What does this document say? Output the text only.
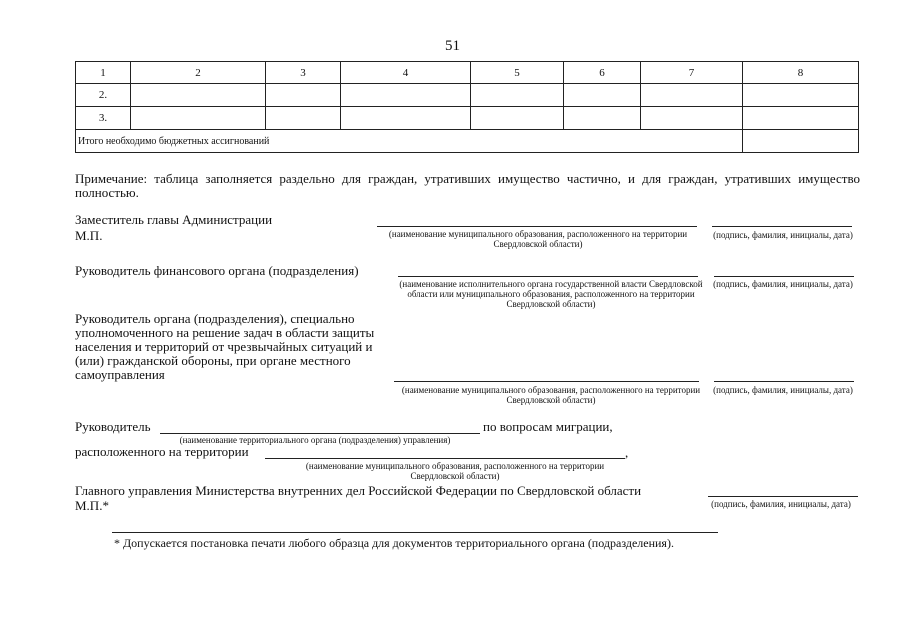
51
1	2	3	4	5	6	7	8
2.							
3.							
Итого необходимо бюджетных ассигнований							
Примечание: таблица заполняется раздельно для граждан, утративших имущество частично, и для граждан, утративших имущество полностью.
Заместитель главы Администрации
М.П.	(наименование муниципального образования, расположенного на территории Свердловской области)
(подпись, фамилия, инициалы, дата)
Руководитель финансового органа (подразделения)
(наименование исполнительного органа государственной власти Свердловской области или муниципального образования, расположенного на территории Свердловской области)
(подпись, фамилия, инициалы, дата)
Руководитель органа (подразделения), специально уполномоченного на решение задач в области защиты населения и территорий от чрезвычайных ситуаций и (или) гражданской обороны, при органе местного самоуправления
(наименование муниципального образования, расположенного на территории Свердловской области)
(подпись, фамилия, инициалы, дата)
Руководитель	по вопросам миграции,
(наименование территориального органа (подразделения) управления)
расположенного на территории	,
(наименование муниципального образования, расположенного на территории Свердловской области)
Главного управления Министерства внутренних дел Российской Федерации по Свердловской области
М.П.*	(подпись, фамилия, инициалы, дата)
* Допускается постановка печати любого образца для документов территориального органа (подразделения).
